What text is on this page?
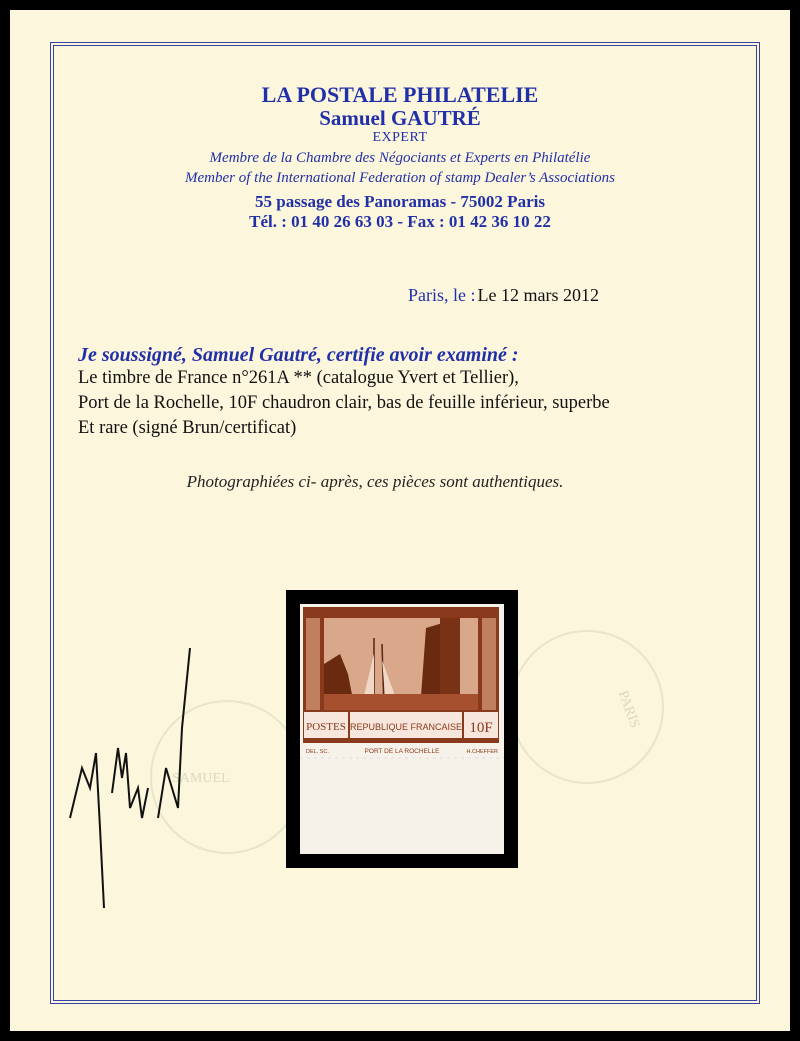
LA POSTALE PHILATELIE
Samuel GAUTRÉ
EXPERT
Membre de la Chambre des Négociants et Experts en Philatélie
Member of the International Federation of stamp Dealer’s Associations
55 passage des Panoramas - 75002 Paris
Tél. : 01 40 26 63 03 - Fax : 01 42 36 10 22
Paris, le : Le 12 mars 2012
Je soussigné, Samuel Gautré, certifie avoir examiné :
Le timbre de France n°261A ** (catalogue Yvert et Tellier),
Port de la Rochelle, 10F chaudron clair, bas de feuille inférieur, superbe
Et rare (signé Brun/certificat)
Photographiées ci- après, ces pièces sont authentiques.
SAMUEL
PARIS
POSTES REPUBLIQUE FRANCAISE 10F
PORT DE LA ROCHELLE
DEL. SC.	H.CHEFFER
